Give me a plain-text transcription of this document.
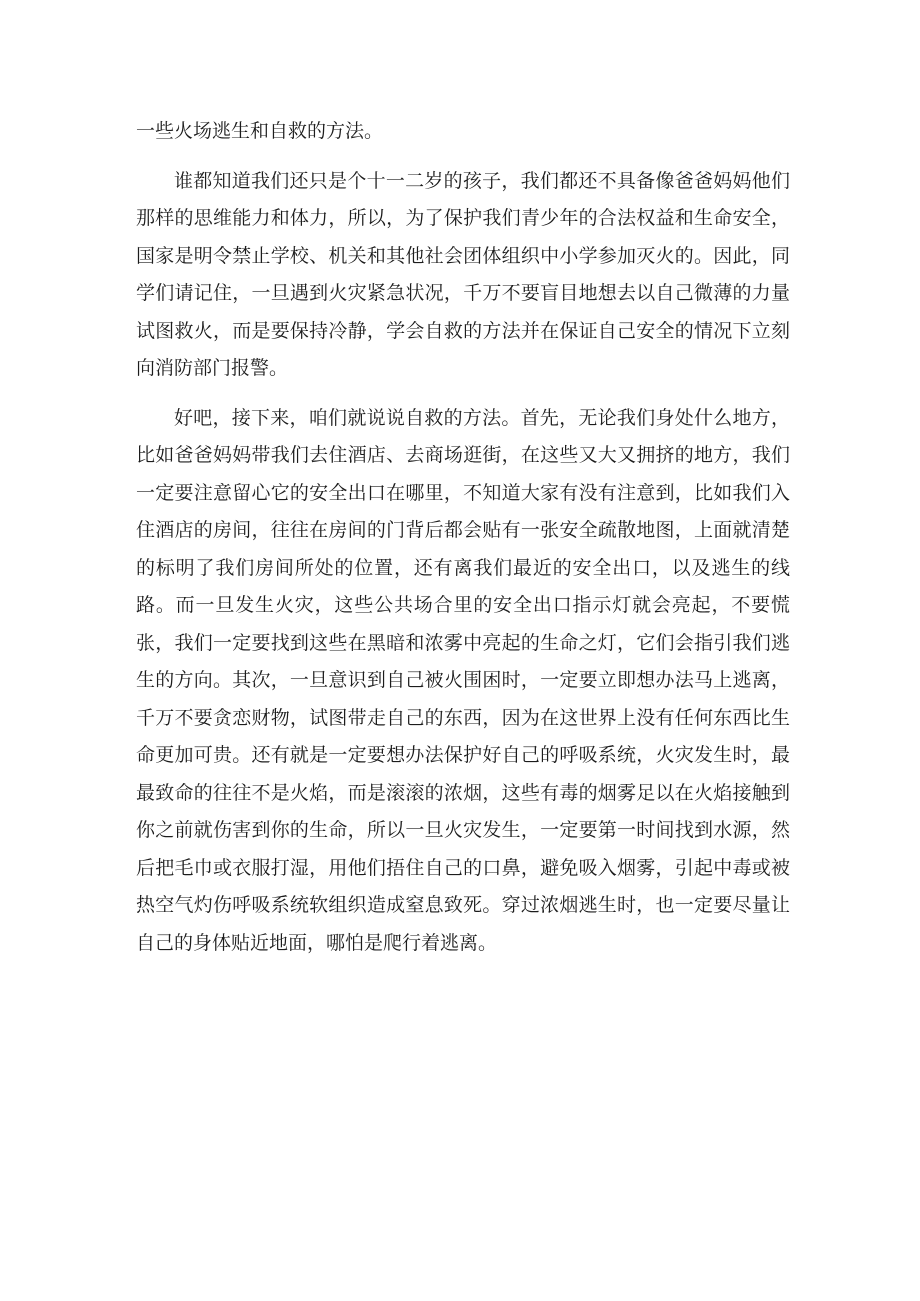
一些火场逃生和自救的方法。

谁都知道我们还只是个十一二岁的孩子，我们都还不具备像爸爸妈妈他们那样的思维能力和体力，所以，为了保护我们青少年的合法权益和生命安全，国家是明令禁止学校、机关和其他社会团体组织中小学参加灭火的。因此，同学们请记住，一旦遇到火灾紧急状况，千万不要盲目地想去以自己微薄的力量试图救火，而是要保持冷静，学会自救的方法并在保证自己安全的情况下立刻向消防部门报警。

好吧，接下来，咱们就说说自救的方法。首先，无论我们身处什么地方，比如爸爸妈妈带我们去住酒店、去商场逛街，在这些又大又拥挤的地方，我们一定要注意留心它的安全出口在哪里，不知道大家有没有注意到，比如我们入住酒店的房间，往往在房间的门背后都会贴有一张安全疏散地图，上面就清楚的标明了我们房间所处的位置，还有离我们最近的安全出口，以及逃生的线路。而一旦发生火灾，这些公共场合里的安全出口指示灯就会亮起，不要慌张，我们一定要找到这些在黑暗和浓雾中亮起的生命之灯，它们会指引我们逃生的方向。其次，一旦意识到自己被火围困时，一定要立即想办法马上逃离，千万不要贪恋财物，试图带走自己的东西，因为在这世界上没有任何东西比生命更加可贵。还有就是一定要想办法保护好自己的呼吸系统，火灾发生时，最最致命的往往不是火焰，而是滚滚的浓烟，这些有毒的烟雾足以在火焰接触到你之前就伤害到你的生命，所以一旦火灾发生，一定要第一时间找到水源，然后把毛巾或衣服打湿，用他们捂住自己的口鼻，避免吸入烟雾，引起中毒或被热空气灼伤呼吸系统软组织造成窒息致死。穿过浓烟逃生时，也一定要尽量让自己的身体贴近地面，哪怕是爬行着逃离。
